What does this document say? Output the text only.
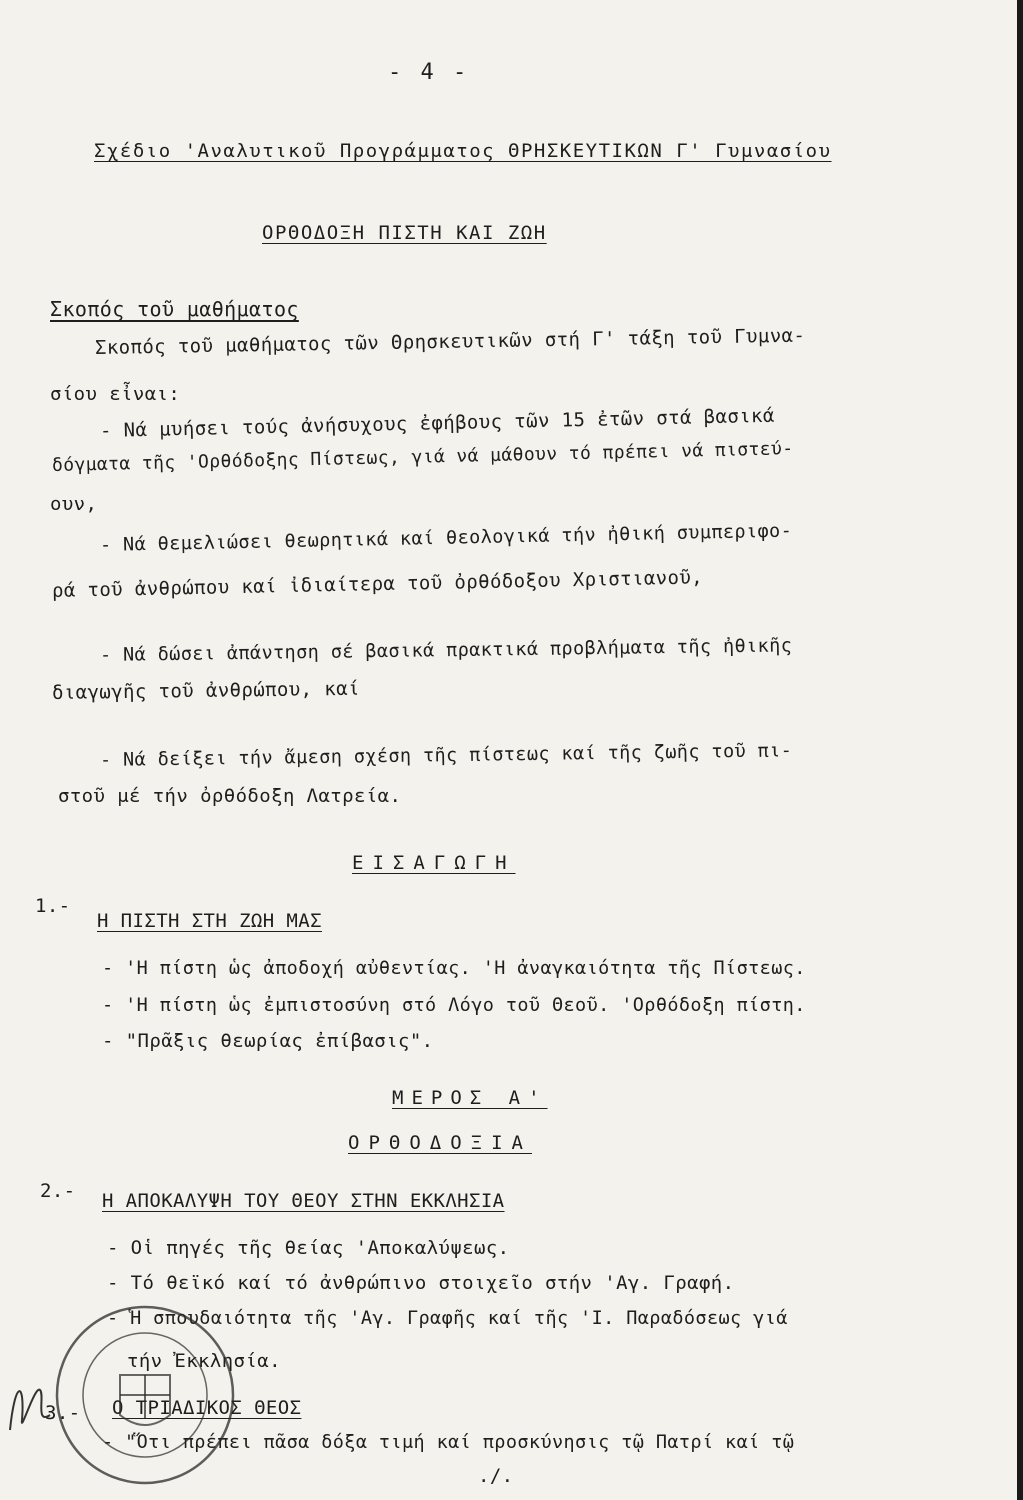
- 4 -
Σχέδιο 'Αναλυτικοῦ Προγράμματος ΘΡΗΣΚΕΥΤΙΚΩΝ Γ' Γυμνασίου
ΟΡΘΟΔΟΞΗ ΠΙΣΤΗ ΚΑΙ ΖΩΗ
Σκοπός τοῦ μαθήματος
Σκοπός τοῦ μαθήματος τῶν Θρησκευτικῶν στή Γ' τάξη τοῦ Γυμνα-
σίου εἶναι:
- Νά μυήσει τούς ἀνήσυχους ἐφήβους τῶν 15 ἐτῶν στά βασικά
δόγματα τῆς 'Ορθόδοξης Πίστεως, γιά νά μάθουν τό πρέπει νά πιστεύ-
ουν,
- Νά θεμελιώσει θεωρητικά καί θεολογικά τήν ἠθική συμπεριφο-
ρά τοῦ ἀνθρώπου καί ἰδιαίτερα τοῦ ὀρθόδοξου Χριστιανοῦ,
- Νά δώσει ἀπάντηση σέ βασικά πρακτικά προβλήματα τῆς ἠθικῆς
διαγωγῆς τοῦ ἀνθρώπου, καί
- Νά δείξει τήν ἄμεση σχέση τῆς πίστεως καί τῆς ζωῆς τοῦ πι-
στοῦ μέ τήν ὀρθόδοξη Λατρεία.
ΕΙΣΑΓΩΓΗ
1.-
Η ΠΙΣΤΗ ΣΤΗ ΖΩΗ ΜΑΣ
- 'Η πίστη ὡς ἀποδοχή αὐθεντίας. 'Η ἀναγκαιότητα τῆς Πίστεως.
- 'Η πίστη ὡς ἐμπιστοσύνη στό Λόγο τοῦ Θεοῦ. 'Ορθόδοξη πίστη.
- "Πρᾶξις θεωρίας ἐπίβασις".
ΜΕΡΟΣ Α'
ΟΡΘΟΔΟΞΙΑ
2.- Η ΑΠΟΚΑΛΥΨΗ ΤΟΥ ΘΕΟΥ ΣΤΗΝ ΕΚΚΛΗΣΙΑ
- Οἱ πηγές τῆς θείας 'Αποκαλύψεως.
- Τό θεϊκό καί τό ἀνθρώπινο στοιχεῖο στήν 'Αγ. Γραφή.
- Ἡ σπουδαιότητα τῆς 'Αγ. Γραφῆς καί τῆς 'Ι. Παραδόσεως γιά
τήν Ἐκκλησία.
3.- Ο ΤΡΙΑΔΙΚΟΣ ΘΕΟΣ
- "Ὅτι πρέπει πᾶσα δόξα τιμή καί προσκύνησις τῷ Πατρί καί τῷ
./.
